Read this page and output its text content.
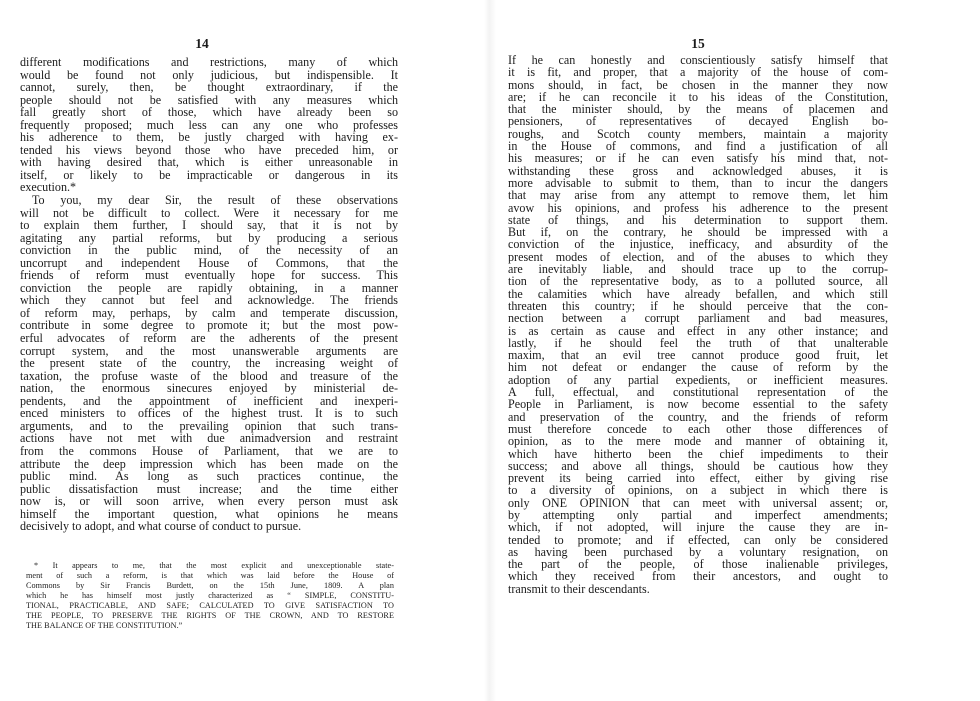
14
different modifications and restrictions, many of which
would be found not only judicious, but indispensible. It
cannot, surely, then, be thought extraordinary, if the
people should not be satisfied with any measures which
fall greatly short of those, which have already been so
frequently proposed; much less can any one who professes
his adherence to them, be justly charged with having ex-
tended his views beyond those who have preceded him, or
with having desired that, which is either unreasonable in
itself, or likely to be impracticable or dangerous in its
execution.*
To you, my dear Sir, the result of these observations
will not be difficult to collect. Were it necessary for me
to explain them further, I should say, that it is not by
agitating any partial reforms, but by producing a serious
conviction in the public mind, of the necessity of an
uncorrupt and independent House of Commons, that the
friends of reform must eventually hope for success. This
conviction the people are rapidly obtaining, in a manner
which they cannot but feel and acknowledge. The friends
of reform may, perhaps, by calm and temperate discussion,
contribute in some degree to promote it; but the most pow-
erful advocates of reform are the adherents of the present
corrupt system, and the most unanswerable arguments are
the present state of the country, the increasing weight of
taxation, the profuse waste of the blood and treasure of the
nation, the enormous sinecures enjoyed by ministerial de-
pendents, and the appointment of inefficient and inexperi-
enced ministers to offices of the highest trust. It is to such
arguments, and to the prevailing opinion that such trans-
actions have not met with due animadversion and restraint
from the commons House of Parliament, that we are to
attribute the deep impression which has been made on the
public mind. As long as such practices continue, the
public dissatisfaction must increase; and the time either
now is, or will soon arrive, when every person must ask
himself the important question, what opinions he means
decisively to adopt, and what course of conduct to pursue.
* It appears to me, that the most explicit and unexceptionable state-
ment of such a reform, is that which was laid before the House of
Commons by Sir Francis Burdett, on the 15th June, 1809. A plan
which he has himself most justly characterized as “ SIMPLE, CONSTITU-
TIONAL, PRACTICABLE, AND SAFE; CALCULATED TO GIVE SATISFACTION TO
THE PEOPLE, TO PRESERVE THE RIGHTS OF THE CROWN, AND TO RESTORE
THE BALANCE OF THE CONSTITUTION.”
15
If he can honestly and conscientiously satisfy himself that
it is fit, and proper, that a majority of the house of com-
mons should, in fact, be chosen in the manner they now
are; if he can reconcile it to his ideas of the Constitution,
that the minister should, by the means of placemen and
pensioners, of representatives of decayed English bo-
roughs, and Scotch county members, maintain a majority
in the House of commons, and find a justification of all
his measures; or if he can even satisfy his mind that, not-
withstanding these gross and acknowledged abuses, it is
more advisable to submit to them, than to incur the dangers
that may arise from any attempt to remove them, let him
avow his opinions, and profess his adherence to the present
state of things, and his determination to support them.
But if, on the contrary, he should be impressed with a
conviction of the injustice, inefficacy, and absurdity of the
present modes of election, and of the abuses to which they
are inevitably liable, and should trace up to the corrup-
tion of the representative body, as to a polluted source, all
the calamities which have already befallen, and which still
threaten this country; if he should perceive that the con-
nection between a corrupt parliament and bad measures,
is as certain as cause and effect in any other instance; and
lastly, if he should feel the truth of that unalterable
maxim, that an evil tree cannot produce good fruit, let
him not defeat or endanger the cause of reform by the
adoption of any partial expedients, or inefficient measures.
A full, effectual, and constitutional representation of the
People in Parliament, is now become essential to the safety
and preservation of the country, and the friends of reform
must therefore concede to each other those differences of
opinion, as to the mere mode and manner of obtaining it,
which have hitherto been the chief impediments to their
success; and above all things, should be cautious how they
prevent its being carried into effect, either by giving rise
to a diversity of opinions, on a subject in which there is
only ONE OPINION that can meet with universal assent; or,
by attempting only partial and imperfect amendments;
which, if not adopted, will injure the cause they are in-
tended to promote; and if effected, can only be considered
as having been purchased by a voluntary resignation, on
the part of the people, of those inalienable privileges,
which they received from their ancestors, and ought to
transmit to their descendants.
